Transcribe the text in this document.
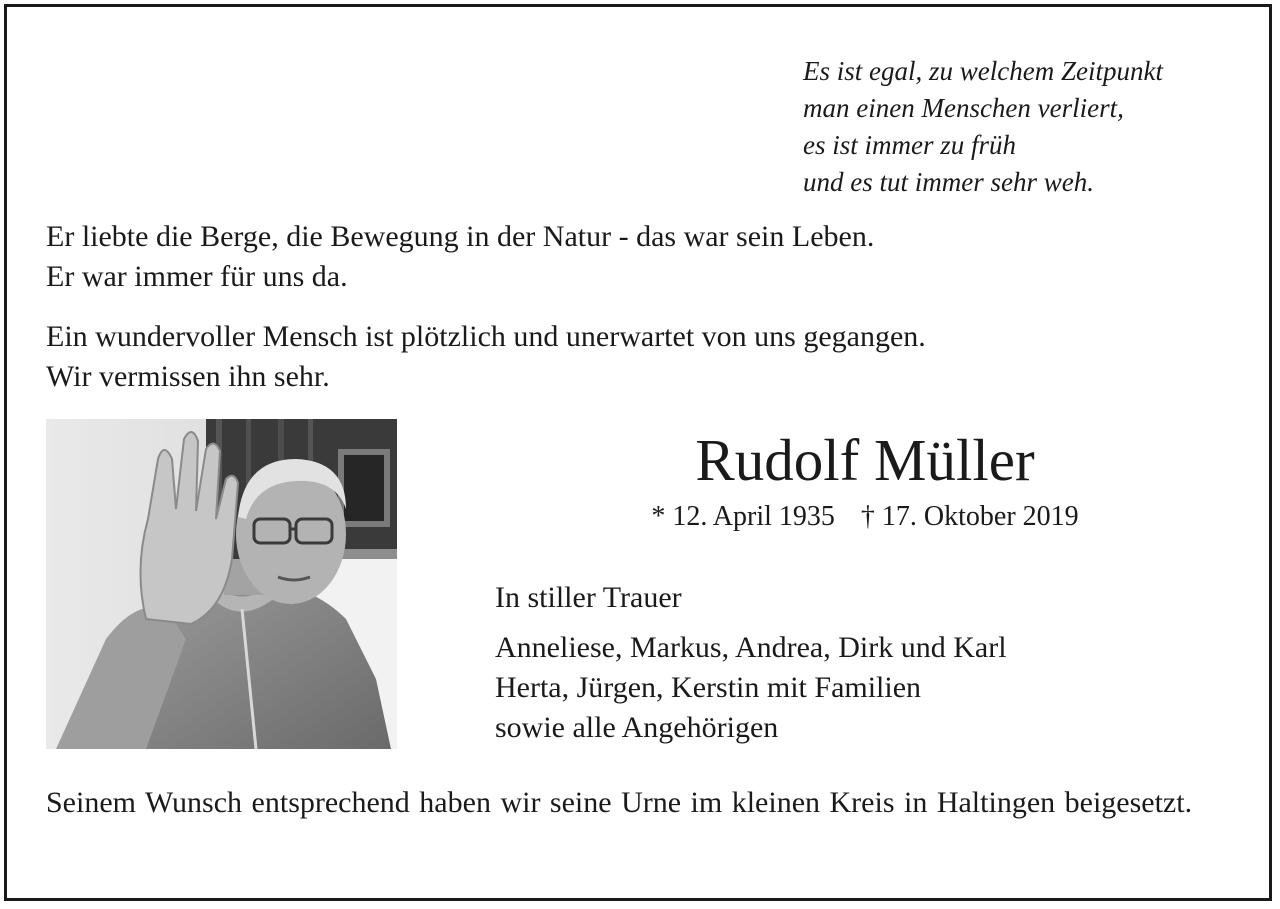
Es ist egal, zu welchem Zeitpunkt
man einen Menschen verliert,
es ist immer zu früh
und es tut immer sehr weh.
Er liebte die Berge, die Bewegung in der Natur - das war sein Leben.
Er war immer für uns da.
Ein wundervoller Mensch ist plötzlich und unerwartet von uns gegangen.
Wir vermissen ihn sehr.
Rudolf Müller
* 12. April 1935 † 17. Oktober 2019
In stiller Trauer
Anneliese, Markus, Andrea, Dirk und Karl
Herta, Jürgen, Kerstin mit Familien
sowie alle Angehörigen
Seinem Wunsch entsprechend haben wir seine Urne im kleinen Kreis in Haltingen beigesetzt.
